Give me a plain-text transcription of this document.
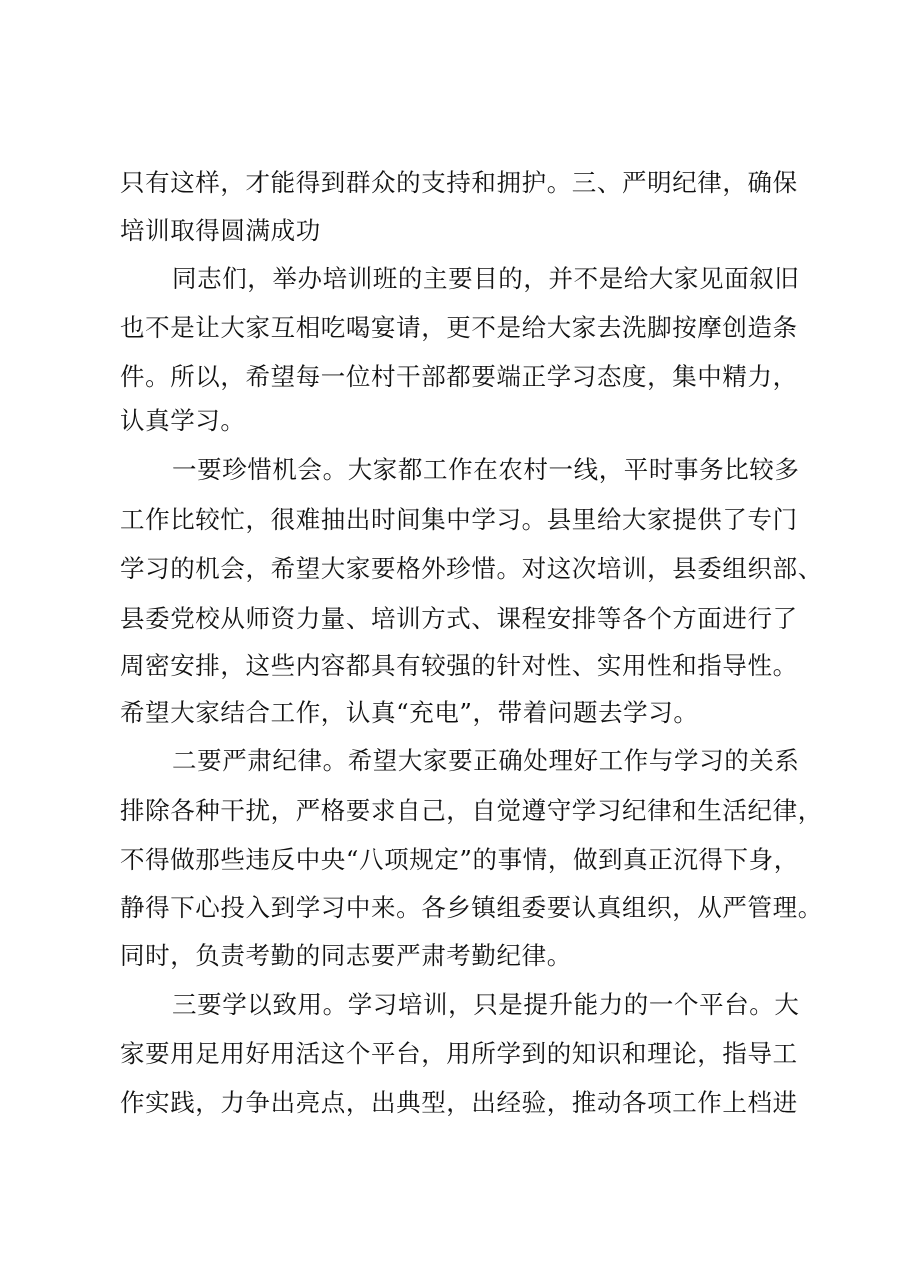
只有这样，才能得到群众的支持和拥护。三、严明纪律，确保
培训取得圆满成功
同志们，举办培训班的主要目的，并不是给大家见面叙旧
也不是让大家互相吃喝宴请，更不是给大家去洗脚按摩创造条
件。所以，希望每一位村干部都要端正学习态度，集中精力，
认真学习。
一要珍惜机会。大家都工作在农村一线，平时事务比较多
工作比较忙，很难抽出时间集中学习。县里给大家提供了专门
学习的机会，希望大家要格外珍惜。对这次培训，县委组织部、
县委党校从师资力量、培训方式、课程安排等各个方面进行了
周密安排，这些内容都具有较强的针对性、实用性和指导性。
希望大家结合工作，认真“充电”，带着问题去学习。
二要严肃纪律。希望大家要正确处理好工作与学习的关系
排除各种干扰，严格要求自己，自觉遵守学习纪律和生活纪律，
不得做那些违反中央“八项规定”的事情，做到真正沉得下身，
静得下心投入到学习中来。各乡镇组委要认真组织，从严管理。
同时，负责考勤的同志要严肃考勤纪律。
三要学以致用。学习培训，只是提升能力的一个平台。大
家要用足用好用活这个平台，用所学到的知识和理论，指导工
作实践，力争出亮点，出典型，出经验，推动各项工作上档进
